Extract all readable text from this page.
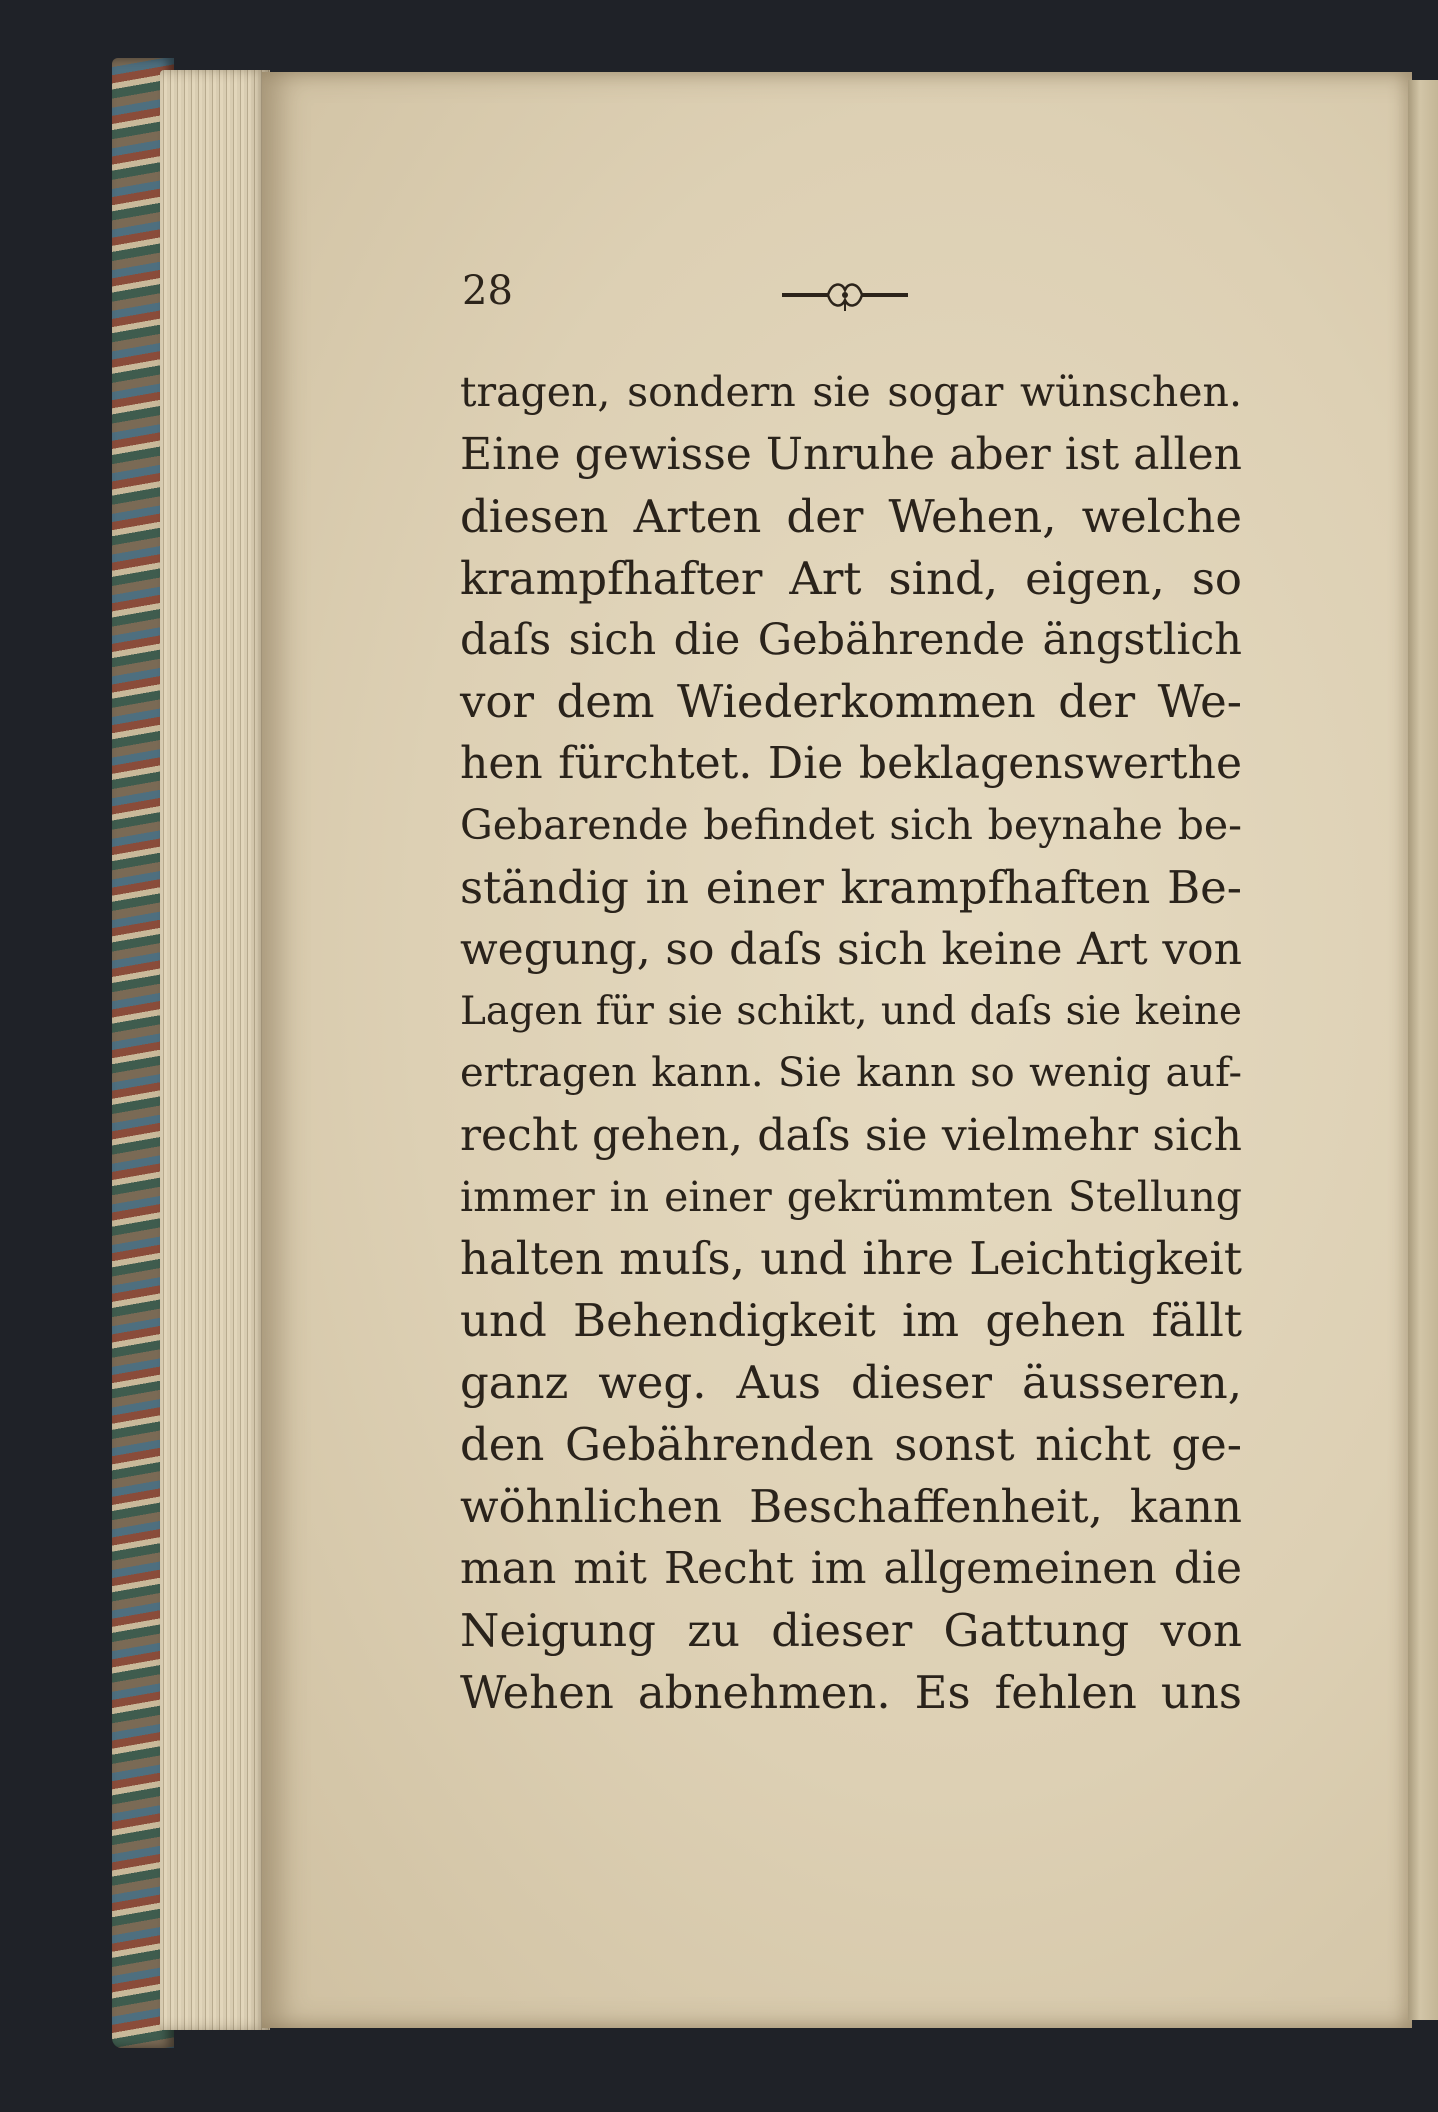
28
tragen, sondern sie sogar wünschen.
Eine gewisse Unruhe aber ist allen
diesen Arten der Wehen, welche
krampfhafter Art sind, eigen, so
daſs sich die Gebährende ängstlich
vor dem Wiederkommen der We-
hen fürchtet. Die beklagenswerthe
Gebarende befindet sich beynahe be-
ständig in einer krampfhaften Be-
wegung, so daſs sich keine Art von
Lagen für sie schikt, und daſs sie keine
ertragen kann. Sie kann so wenig auf-
recht gehen, daſs sie vielmehr sich
immer in einer gekrümmten Stellung
halten muſs, und ihre Leichtigkeit
und Behendigkeit im gehen fällt
ganz weg. Aus dieser äusseren,
den Gebährenden sonst nicht ge-
wöhnlichen Beschaffenheit, kann
man mit Recht im allgemeinen die
Neigung zu dieser Gattung von
Wehen abnehmen. Es fehlen uns
